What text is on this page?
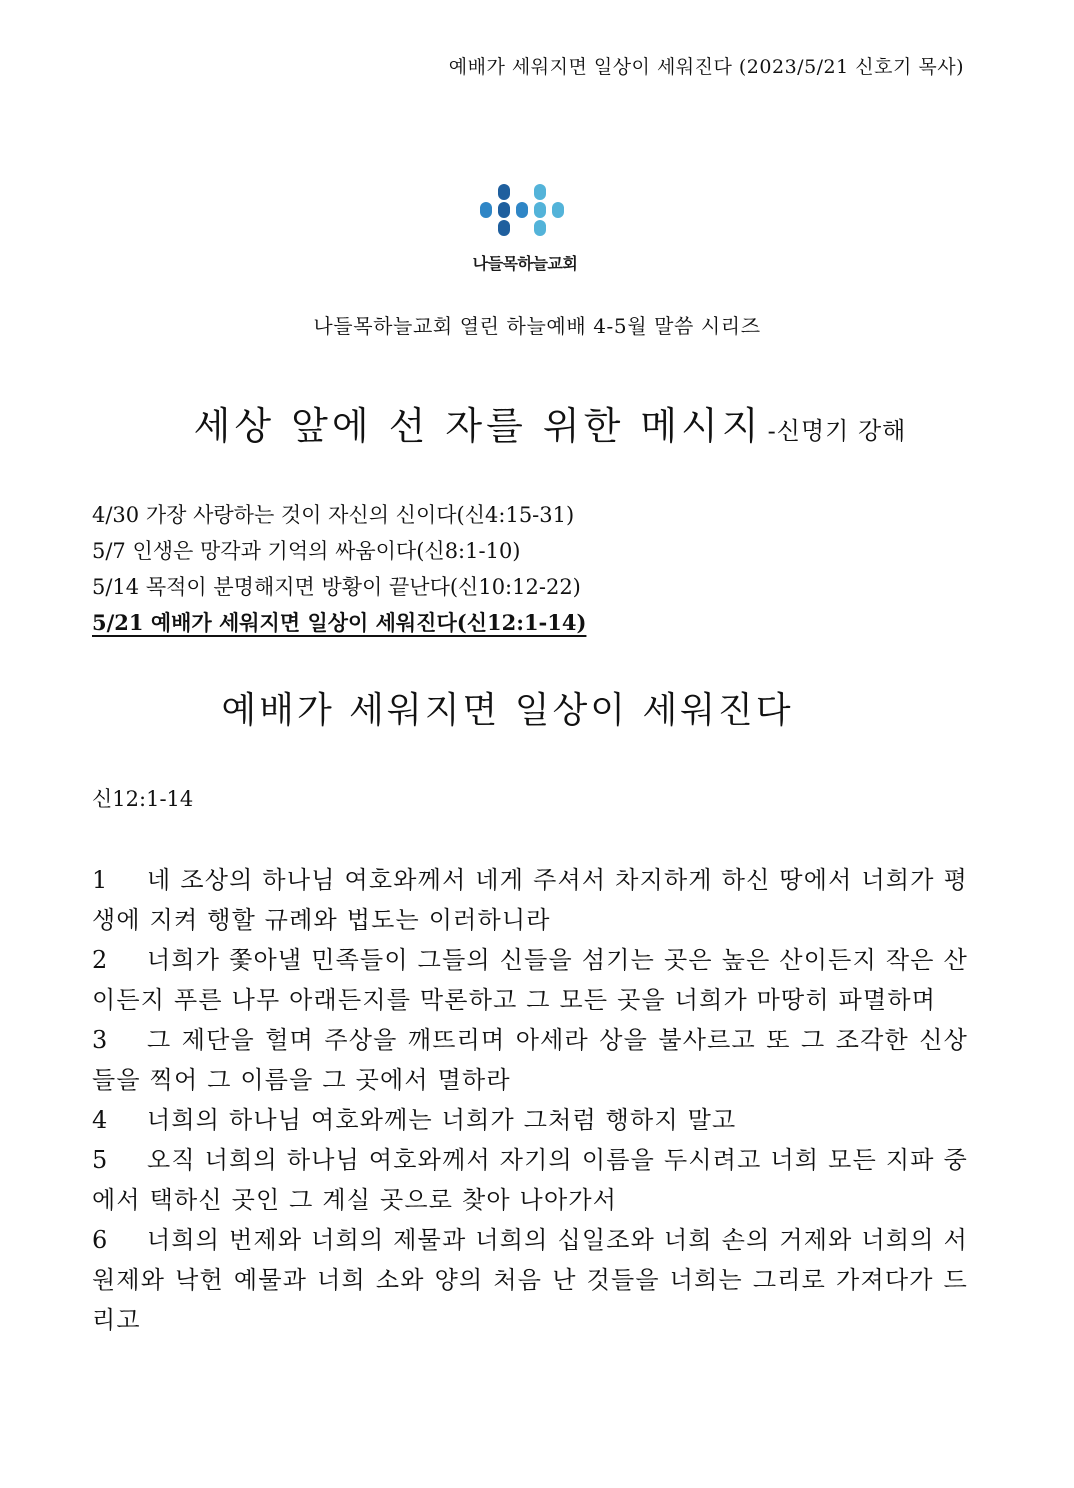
예배가 세워지면 일상이 세워진다 (2023/5/21 신호기 목사)
나들목하늘교회
나들목하늘교회 열린 하늘예배 4-5월 말씀 시리즈
세상 앞에 선 자를 위한 메시지 -신명기 강해
4/30 가장 사랑하는 것이 자신의 신이다(신4:15-31)
5/7 인생은 망각과 기억의 싸움이다(신8:1-10)
5/14 목적이 분명해지면 방황이 끝난다(신10:12-22)
5/21 예배가 세워지면 일상이 세워진다(신12:1-14)
예배가 세워지면 일상이 세워진다
신12:1-14

1 네 조상의 하나님 여호와께서 네게 주셔서 차지하게 하신 땅에서 너희가 평생에 지켜 행할 규례와 법도는 이러하니라

2 너희가 쫓아낼 민족들이 그들의 신들을 섬기는 곳은 높은 산이든지 작은 산이든지 푸른 나무 아래든지를 막론하고 그 모든 곳을 너희가 마땅히 파멸하며

3 그 제단을 헐며 주상을 깨뜨리며 아세라 상을 불사르고 또 그 조각한 신상들을 찍어 그 이름을 그 곳에서 멸하라

4 너희의 하나님 여호와께는 너희가 그처럼 행하지 말고

5 오직 너희의 하나님 여호와께서 자기의 이름을 두시려고 너희 모든 지파 중에서 택하신 곳인 그 계실 곳으로 찾아 나아가서

6 너희의 번제와 너희의 제물과 너희의 십일조와 너희 손의 거제와 너희의 서원제와 낙헌 예물과 너희 소와 양의 처음 난 것들을 너희는 그리로 가져다가 드리고
